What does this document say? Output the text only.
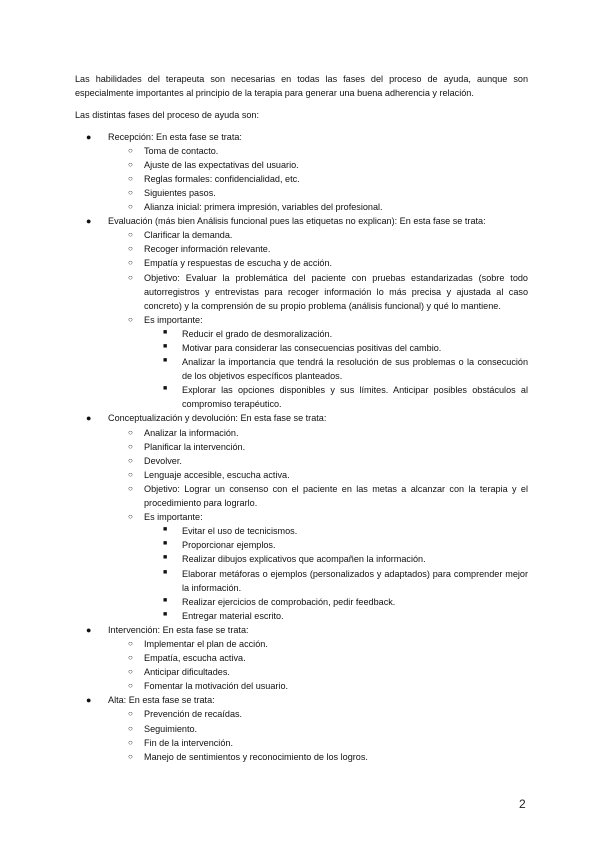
Las habilidades del terapeuta son necesarias en todas las fases del proceso de ayuda, aunque son especialmente importantes al principio de la terapia para generar una buena adherencia y relación.

Las distintas fases del proceso de ayuda son:

● Recepción: En esta fase se trata:
○ Toma de contacto.
○ Ajuste de las expectativas del usuario.
○ Reglas formales: confidencialidad, etc.
○ Siguientes pasos.
○ Alianza inicial: primera impresión, variables del profesional.
● Evaluación (más bien Análisis funcional pues las etiquetas no explican): En esta fase se trata:
○ Clarificar la demanda.
○ Recoger información relevante.
○ Empatía y respuestas de escucha y de acción.
○ Objetivo: Evaluar la problemática del paciente con pruebas estandarizadas (sobre todo autorregistros y entrevistas para recoger información lo más precisa y ajustada al caso concreto) y la comprensión de su propio problema (análisis funcional) y qué lo mantiene.
○ Es importante:
■ Reducir el grado de desmoralización.
■ Motivar para considerar las consecuencias positivas del cambio.
■ Analizar la importancia que tendrá la resolución de sus problemas o la consecución de los objetivos específicos planteados.
■ Explorar las opciones disponibles y sus límites. Anticipar posibles obstáculos al compromiso terapéutico.
● Conceptualización y devolución: En esta fase se trata:
○ Analizar la información.
○ Planificar la intervención.
○ Devolver.
○ Lenguaje accesible, escucha activa.
○ Objetivo: Lograr un consenso con el paciente en las metas a alcanzar con la terapia y el procedimiento para lograrlo.
○ Es importante:
■ Evitar el uso de tecnicismos.
■ Proporcionar ejemplos.
■ Realizar dibujos explicativos que acompañen la información.
■ Elaborar metáforas o ejemplos (personalizados y adaptados) para comprender mejor la información.
■ Realizar ejercicios de comprobación, pedir feedback.
■ Entregar material escrito.
● Intervención: En esta fase se trata:
○ Implementar el plan de acción.
○ Empatía, escucha activa.
○ Anticipar dificultades.
○ Fomentar la motivación del usuario.
● Alta: En esta fase se trata:
○ Prevención de recaídas.
○ Seguimiento.
○ Fin de la intervención.
○ Manejo de sentimientos y reconocimiento de los logros.
2
